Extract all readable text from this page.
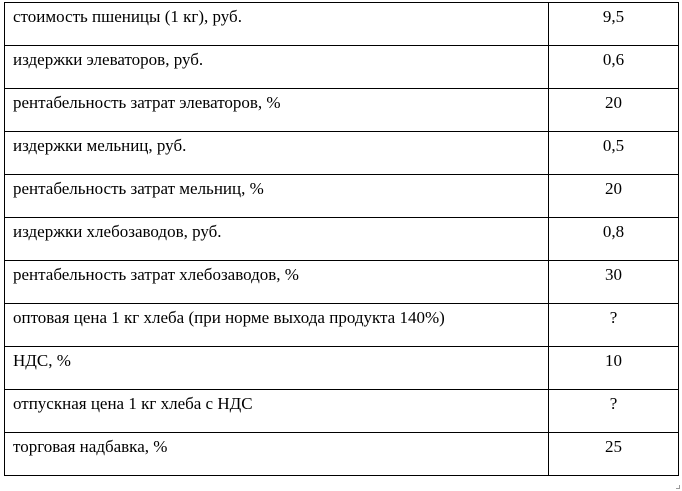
стоимость пшеницы (1 кг), руб.	9,5
издержки элеваторов, руб.	0,6
рентабельность затрат элеваторов, %	20
издержки мельниц, руб.	0,5
рентабельность затрат мельниц, %	20
издержки хлебозаводов, руб.	0,8
рентабельность затрат хлебозаводов, %	30
оптовая цена 1 кг хлеба (при норме выхода продукта 140%)	?
НДС, %	10
отпускная цена 1 кг хлеба с НДС	?
торговая надбавка, %	25
